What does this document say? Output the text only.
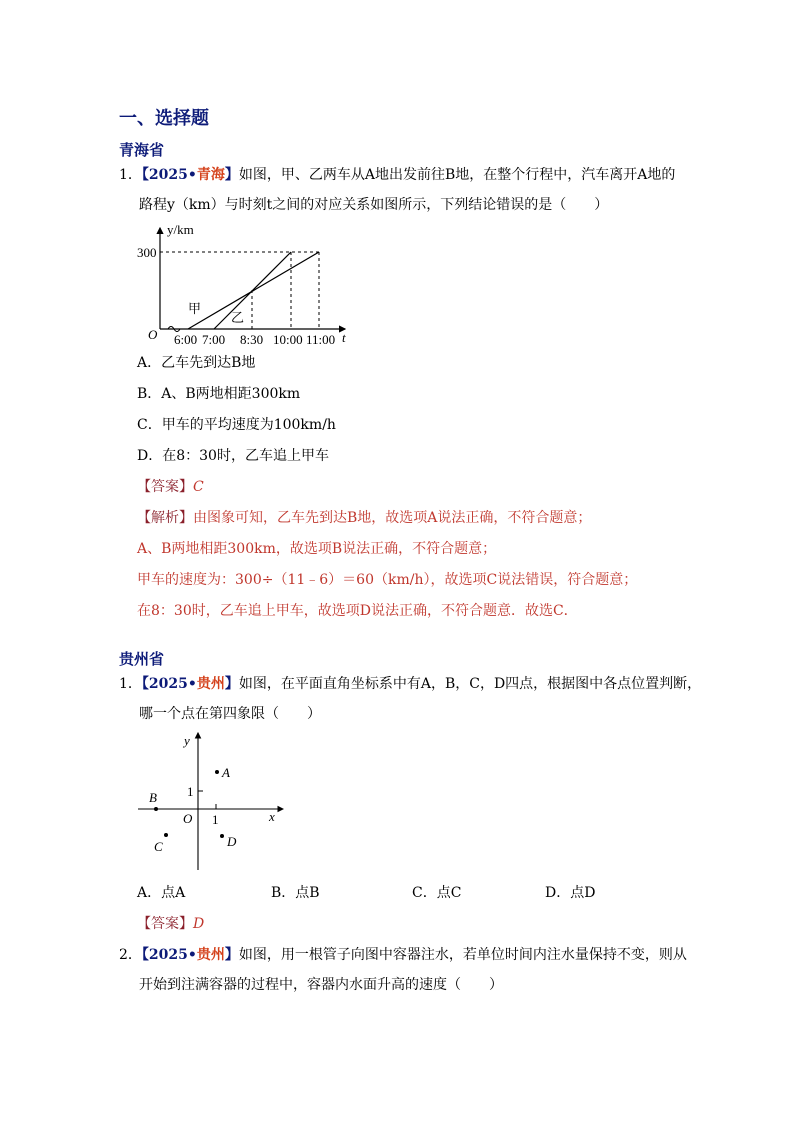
一、选择题
青海省
1．【2025•青海】如图，甲、乙两车从A地出发前往B地，在整个行程中，汽车离开A地的
路程y（km）与时刻t之间的对应关系如图所示，下列结论错误的是（　　）
y/km
300
O	t
甲
乙
6:00 7:00 8:30 10:00 11:00
A．乙车先到达B地
B．A、B两地相距300km
C．甲车的平均速度为100km/h
D．在8：30时，乙车追上甲车
【答案】C
【解析】由图象可知，乙车先到达B地，故选项A说法正确，不符合题意；
A、B两地相距300km，故选项B说法正确，不符合题意；
甲车的速度为：300÷（11﹣6）＝60（km/h），故选项C说法错误，符合题意；
在8：30时，乙车追上甲车，故选项D说法正确，不符合题意．故选C．
贵州省
1．【2025•贵州】如图，在平面直角坐标系中有A，B，C，D四点，根据图中各点位置判断，
哪一个点在第四象限（　　）
y
x
O
1
1
A
B
C	D
A．点A	B．点B	C．点C	D．点D
【答案】D
2．【2025•贵州】如图，用一根管子向图中容器注水，若单位时间内注水量保持不变，则从
开始到注满容器的过程中，容器内水面升高的速度（　　）
